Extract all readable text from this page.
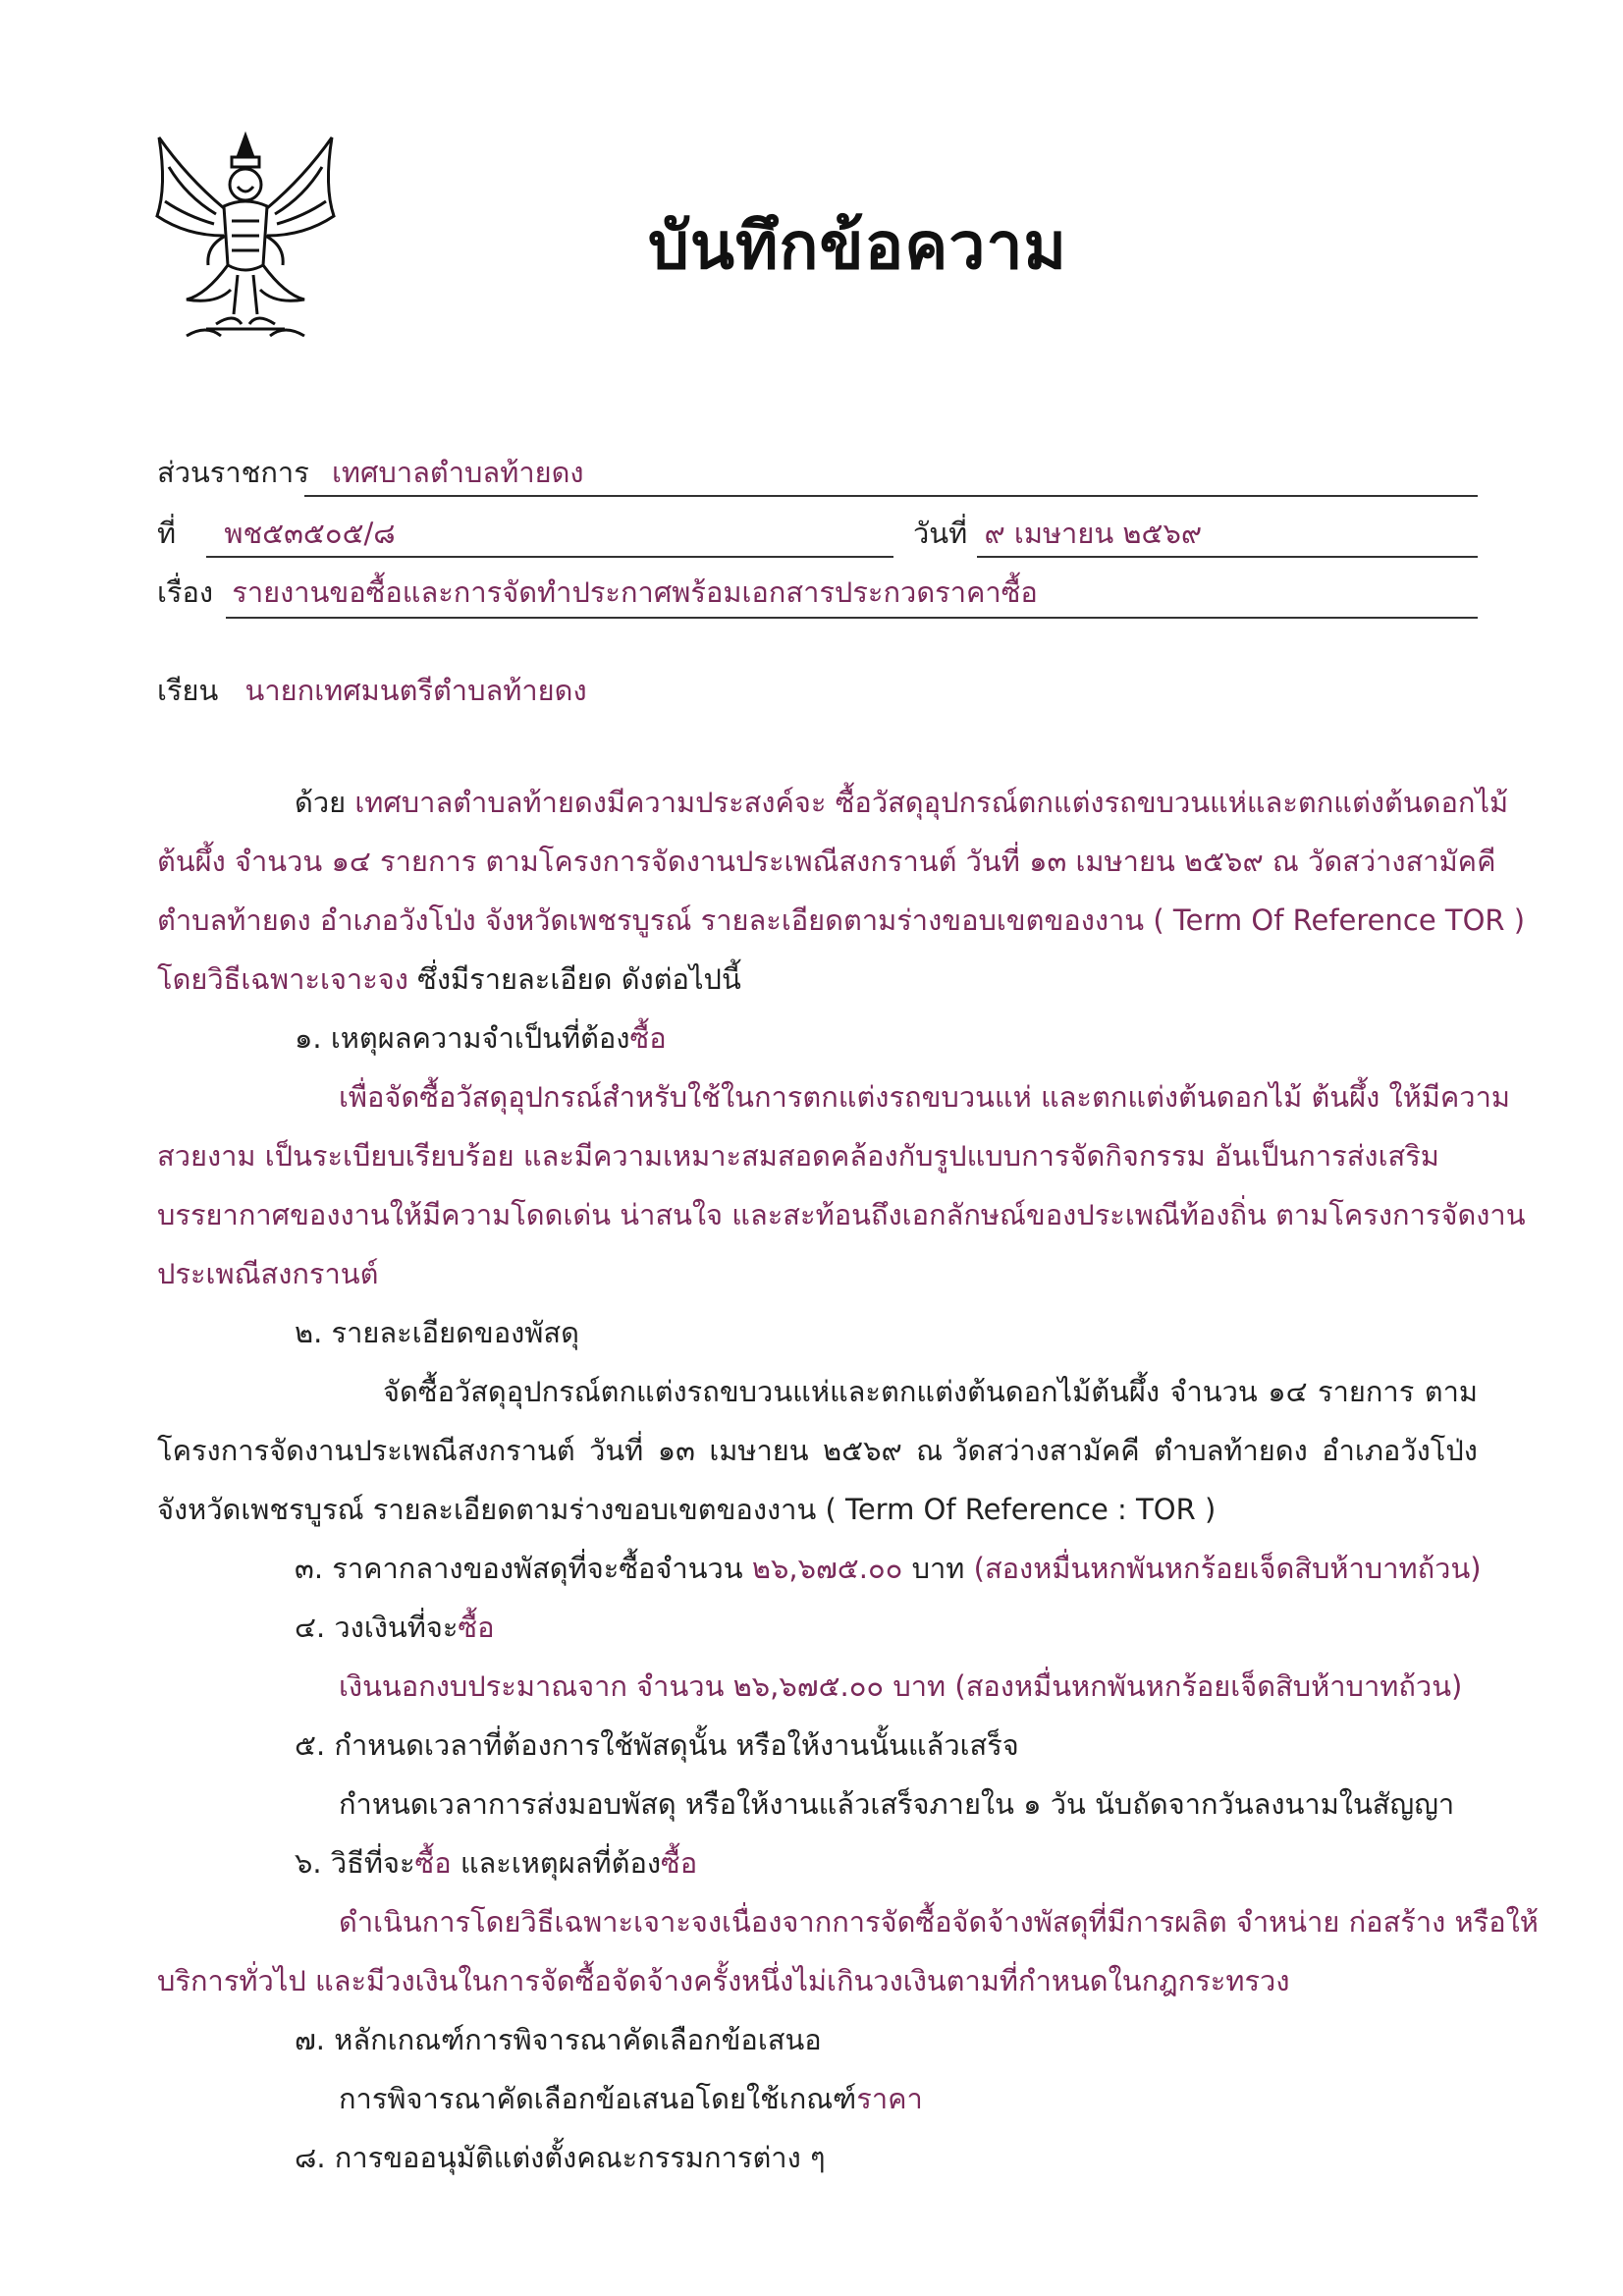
บันทึกข้อความ
ส่วนราชการ เทศบาลตำบลท้ายดง
ที่ พช๕๓๕๐๕/๘	วันที่ ๙ เมษายน ๒๕๖๙
เรื่อง รายงานขอซื้อและการจัดทำประกาศพร้อมเอกสารประกวดราคาซื้อ
เรียน นายกเทศมนตรีตำบลท้ายดง
ด้วย เทศบาลตำบลท้ายดงมีความประสงค์จะ ซื้อวัสดุอุปกรณ์ตกแต่งรถขบวนแห่และตกแต่งต้นดอกไม้
ต้นผึ้ง จำนวน ๑๔ รายการ ตามโครงการจัดงานประเพณีสงกรานต์ วันที่ ๑๓ เมษายน ๒๕๖๙ ณ วัดสว่างสามัคคี
ตำบลท้ายดง อำเภอวังโป่ง จังหวัดเพชรบูรณ์ รายละเอียดตามร่างขอบเขตของงาน ( Term Of Reference TOR )
โดยวิธีเฉพาะเจาะจง ซึ่งมีรายละเอียด ดังต่อไปนี้
๑. เหตุผลความจำเป็นที่ต้องซื้อ
เพื่อจัดซื้อวัสดุอุปกรณ์สำหรับใช้ในการตกแต่งรถขบวนแห่ และตกแต่งต้นดอกไม้ ต้นผึ้ง ให้มีความ
สวยงาม เป็นระเบียบเรียบร้อย และมีความเหมาะสมสอดคล้องกับรูปแบบการจัดกิจกรรม อันเป็นการส่งเสริม
บรรยากาศของงานให้มีความโดดเด่น น่าสนใจ และสะท้อนถึงเอกลักษณ์ของประเพณีท้องถิ่น ตามโครงการจัดงาน
ประเพณีสงกรานต์
๒. รายละเอียดของพัสดุ
จัดซื้อวัสดุอุปกรณ์ตกแต่งรถขบวนแห่และตกแต่งต้นดอกไม้ต้นผึ้ง จำนวน ๑๔ รายการ ตาม
โครงการจัดงานประเพณีสงกรานต์ วันที่ ๑๓ เมษายน ๒๕๖๙ ณ วัดสว่างสามัคคี ตำบลท้ายดง อำเภอวังโป่ง
จังหวัดเพชรบูรณ์ รายละเอียดตามร่างขอบเขตของงาน ( Term Of Reference : TOR )
๓. ราคากลางของพัสดุที่จะซื้อจำนวน ๒๖,๖๗๕.๐๐ บาท (สองหมื่นหกพันหกร้อยเจ็ดสิบห้าบาทถ้วน)
๔. วงเงินที่จะซื้อ
เงินนอกงบประมาณจาก จำนวน ๒๖,๖๗๕.๐๐ บาท (สองหมื่นหกพันหกร้อยเจ็ดสิบห้าบาทถ้วน)
๕. กำหนดเวลาที่ต้องการใช้พัสดุนั้น หรือให้งานนั้นแล้วเสร็จ
กำหนดเวลาการส่งมอบพัสดุ หรือให้งานแล้วเสร็จภายใน ๑ วัน นับถัดจากวันลงนามในสัญญา
๖. วิธีที่จะซื้อ และเหตุผลที่ต้องซื้อ
ดำเนินการโดยวิธีเฉพาะเจาะจงเนื่องจากการจัดซื้อจัดจ้างพัสดุที่มีการผลิต จำหน่าย ก่อสร้าง หรือให้
บริการทั่วไป และมีวงเงินในการจัดซื้อจัดจ้างครั้งหนึ่งไม่เกินวงเงินตามที่กำหนดในกฎกระทรวง
๗. หลักเกณฑ์การพิจารณาคัดเลือกข้อเสนอ
การพิจารณาคัดเลือกข้อเสนอโดยใช้เกณฑ์ราคา
๘. การขออนุมัติแต่งตั้งคณะกรรมการต่าง ๆ
